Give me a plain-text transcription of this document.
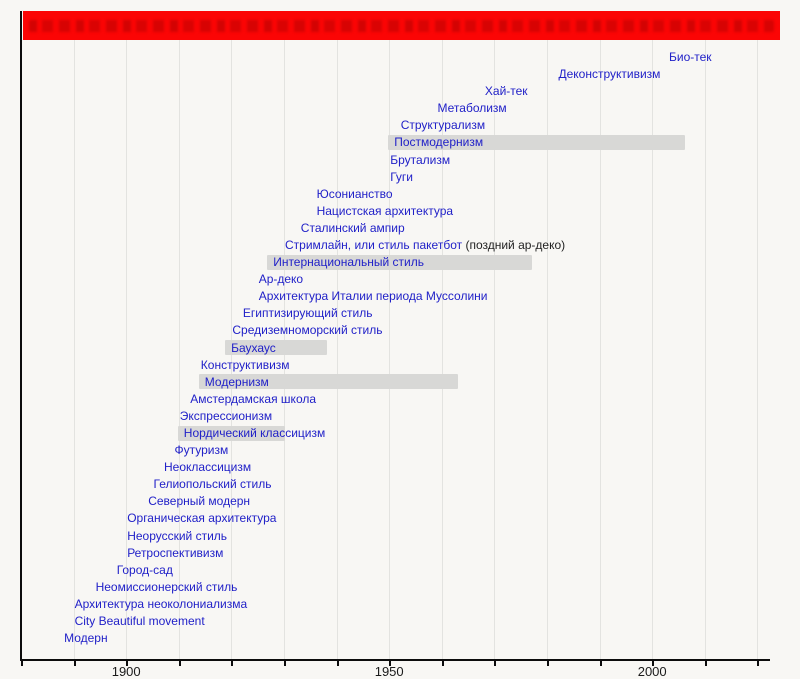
1900	1950	2000
Био-тек
Деконструктивизм
Хай-тек
Метаболизм
Структурализм
Постмодернизм
Брутализм
Гуги
Юсонианство
Нацистская архитектура
Сталинский ампир
Стримлайн, или стиль пакетбот (поздний ар-деко)
Интернациональный стиль
Ар-деко
Архитектура Италии периода Муссолини
Египтизирующий стиль
Средиземноморский стиль
Баухаус
Конструктивизм
Модернизм
Амстердамская школа
Экспрессионизм
Нордический классицизм
Футуризм
Неоклассицизм
Гелиопольский стиль
Северный модерн
Органическая архитектура
Неорусский стиль
Ретроспективизм
Город-сад
Неомиссионерский стиль
Архитектура неоколониализма
City Beautiful movement
Модерн
